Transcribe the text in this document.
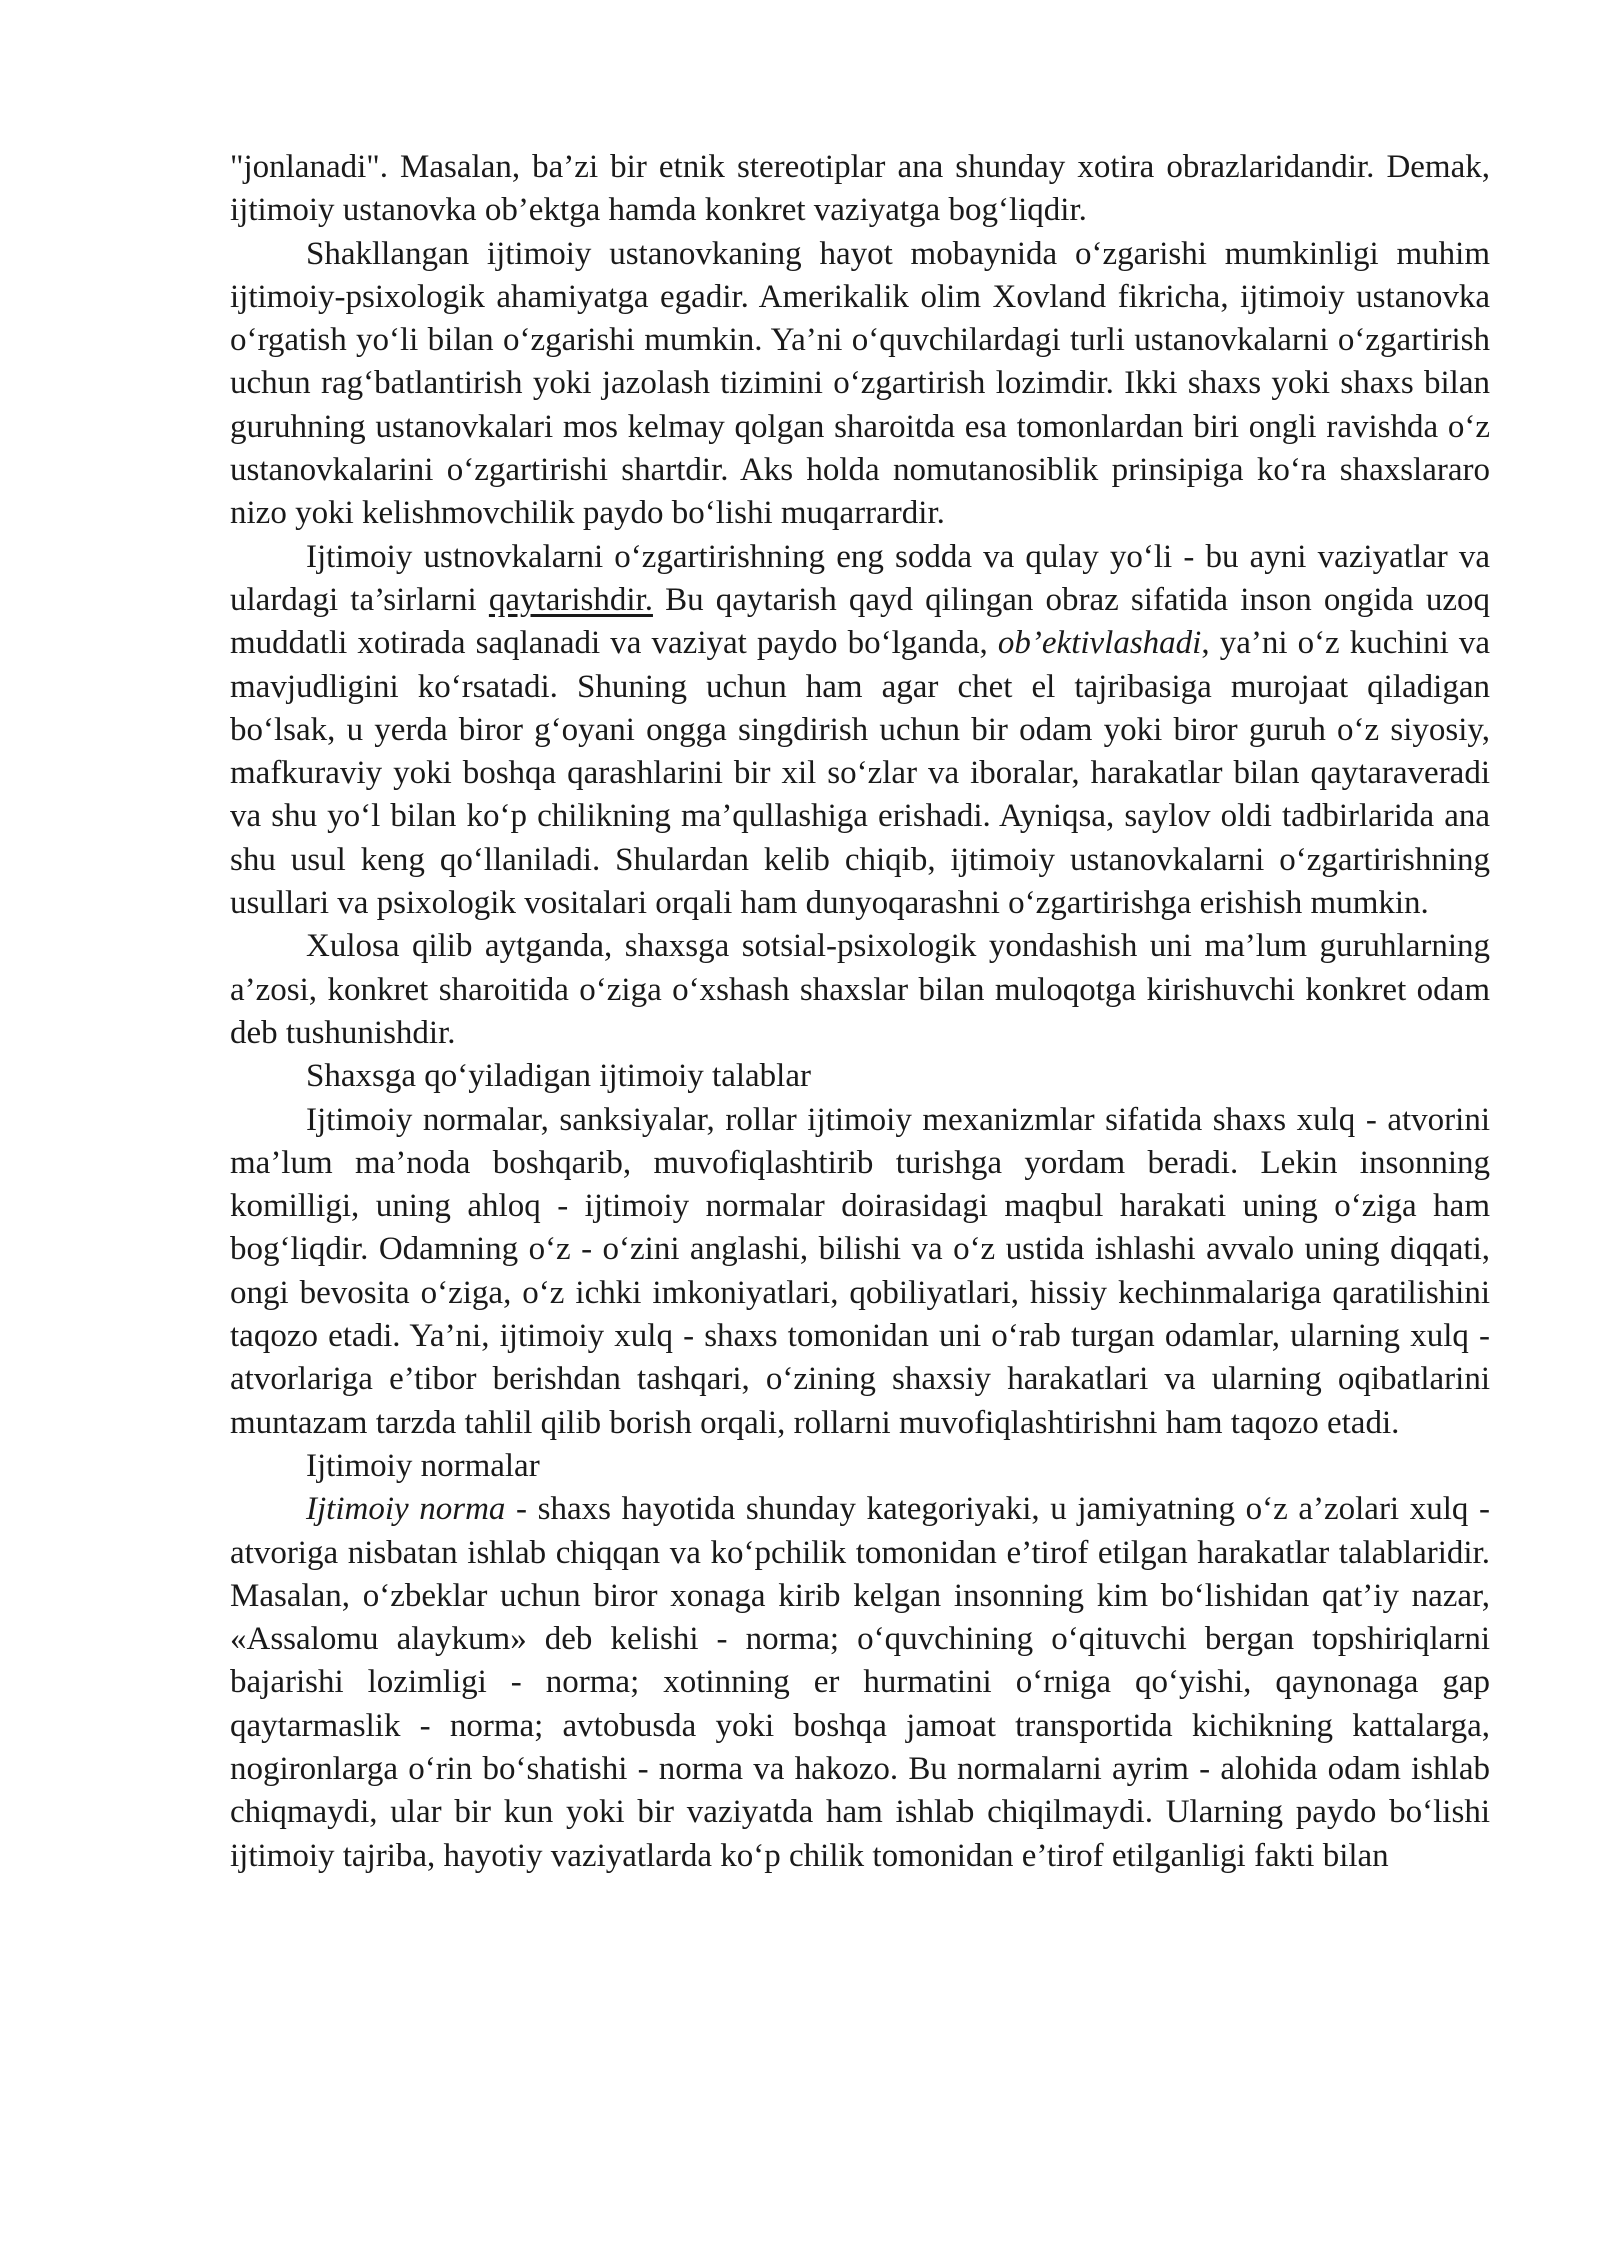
"jonlanadi". Masalan, ba’zi bir etnik stereotiplar ana shunday xotira obrazlaridandir. Demak, ijtimoiy ustanovka ob’ektga hamda konkret vaziyatga bog‘liqdir.

Shakllangan ijtimoiy ustanovkaning hayot mobaynida o‘zgarishi mumkinligi muhim ijtimoiy-psixologik ahamiyatga egadir. Amerikalik olim Xovland fikricha, ijtimoiy ustanovka o‘rgatish yo‘li bilan o‘zgarishi mumkin. Ya’ni o‘quvchilardagi turli ustanovkalarni o‘zgartirish uchun rag‘batlantirish yoki jazolash tizimini o‘zgartirish lozimdir. Ikki shaxs yoki shaxs bilan guruhning ustanovkalari mos kelmay qolgan sharoitda esa tomonlardan biri ongli ravishda o‘z ustanovkalarini o‘zgartirishi shartdir. Aks holda nomutanosiblik prinsipiga ko‘ra shaxslararo nizo yoki kelishmovchilik paydo bo‘lishi muqarrardir.

Ijtimoiy ustnovkalarni o‘zgartirishning eng sodda va qulay yo‘li - bu ayni vaziyatlar va ulardagi ta’sirlarni qaytarishdir. Bu qaytarish qayd qilingan obraz sifatida inson ongida uzoq muddatli xotirada saqlanadi va vaziyat paydo bo‘lganda, ob’ektivlashadi, ya’ni o‘z kuchini va mavjudligini ko‘rsatadi. Shuning uchun ham agar chet el tajribasiga murojaat qiladigan bo‘lsak, u yerda biror g‘oyani ongga singdirish uchun bir odam yoki biror guruh o‘z siyosiy, mafkuraviy yoki boshqa qarashlarini bir xil so‘zlar va iboralar, harakatlar bilan qaytaraveradi va shu yo‘l bilan ko‘p chilikning ma’qullashiga erishadi. Ayniqsa, saylov oldi tadbirlarida ana shu usul keng qo‘llaniladi. Shulardan kelib chiqib, ijtimoiy ustanovkalarni o‘zgartirishning usullari va psixologik vositalari orqali ham dunyoqarashni o‘zgartirishga erishish mumkin.

Xulosa qilib aytganda, shaxsga sotsial-psixologik yondashish uni ma’lum guruhlarning a’zosi, konkret sharoitida o‘ziga o‘xshash shaxslar bilan muloqotga kirishuvchi konkret odam deb tushunishdir.

Shaxsga qo‘yiladigan ijtimoiy talablar

Ijtimoiy normalar, sanksiyalar, rollar ijtimoiy mexanizmlar sifatida shaxs xulq - atvorini ma’lum ma’noda boshqarib, muvofiqlashtirib turishga yordam beradi. Lekin insonning komilligi, uning ahloq - ijtimoiy normalar doirasidagi maqbul harakati uning o‘ziga ham bog‘liqdir. Odamning o‘z - o‘zini anglashi, bilishi va o‘z ustida ishlashi avvalo uning diqqati, ongi bevosita o‘ziga, o‘z ichki imkoniyatlari, qobiliyatlari, hissiy kechinmalariga qaratilishini taqozo etadi. Ya’ni, ijtimoiy xulq - shaxs tomonidan uni o‘rab turgan odamlar, ularning xulq - atvorlariga e’tibor berishdan tashqari, o‘zining shaxsiy harakatlari va ularning oqibatlarini muntazam tarzda tahlil qilib borish orqali, rollarni muvofiqlashtirishni ham taqozo etadi.

Ijtimoiy normalar

Ijtimoiy norma - shaxs hayotida shunday kategoriyaki, u jamiyatning o‘z a’zolari xulq - atvoriga nisbatan ishlab chiqqan va ko‘pchilik tomonidan e’tirof etilgan harakatlar talablaridir. Masalan, o‘zbeklar uchun biror xonaga kirib kelgan insonning kim bo‘lishidan qat’iy nazar, «Assalomu alaykum» deb kelishi - norma; o‘quvchining o‘qituvchi bergan topshiriqlarni bajarishi lozimligi - norma; xotinning er hurmatini o‘rniga qo‘yishi, qaynonaga gap qaytarmaslik - norma; avtobusda yoki boshqa jamoat transportida kichikning kattalarga, nogironlarga o‘rin bo‘shatishi - norma va hakozo. Bu normalarni ayrim - alohida odam ishlab chiqmaydi, ular bir kun yoki bir vaziyatda ham ishlab chiqilmaydi. Ularning paydo bo‘lishi ijtimoiy tajriba, hayotiy vaziyatlarda ko‘p chilik tomonidan e’tirof etilganligi fakti bilan
